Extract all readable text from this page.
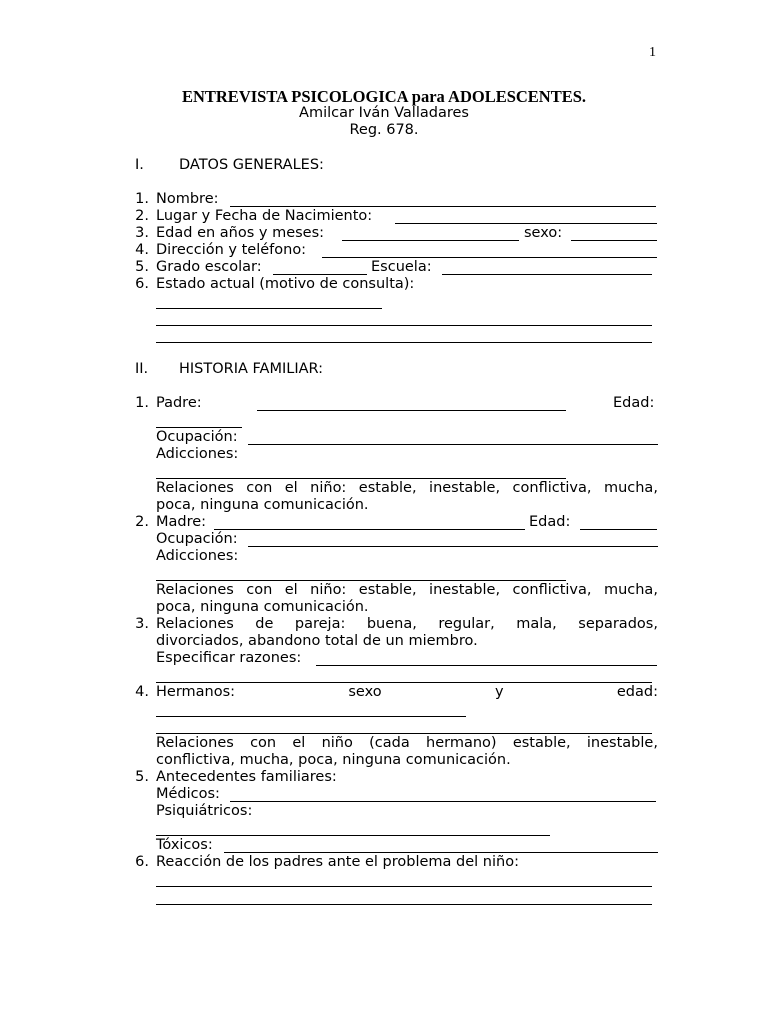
1
ENTREVISTA PSICOLOGICA para ADOLESCENTES.
Amilcar Iván Valladares
Reg. 678.
I. DATOS GENERALES:
1. Nombre:
2. Lugar y Fecha de Nacimiento:
3. Edad en años y meses:	sexo:
4. Dirección y teléfono:
5. Grado escolar:	Escuela:
6. Estado actual (motivo de consulta):
II. HISTORIA FAMILIAR:
1. Padre:	Edad:
Ocupación:
Adicciones:
Relaciones con el niño: estable, inestable, conflictiva, mucha,
poca, ninguna comunicación.
2. Madre:	Edad:
Ocupación:
Adicciones:
Relaciones con el niño: estable, inestable, conflictiva, mucha,
poca, ninguna comunicación.
3. Relaciones de pareja: buena, regular, mala, separados,
divorciados, abandono total de un miembro.
Especificar razones:
4. Hermanos:	sexo	y	edad:
Relaciones con el niño (cada hermano) estable, inestable,
conflictiva, mucha, poca, ninguna comunicación.
5. Antecedentes familiares:
Médicos:
Psiquiátricos:
Tóxicos:
6. Reacción de los padres ante el problema del niño:
